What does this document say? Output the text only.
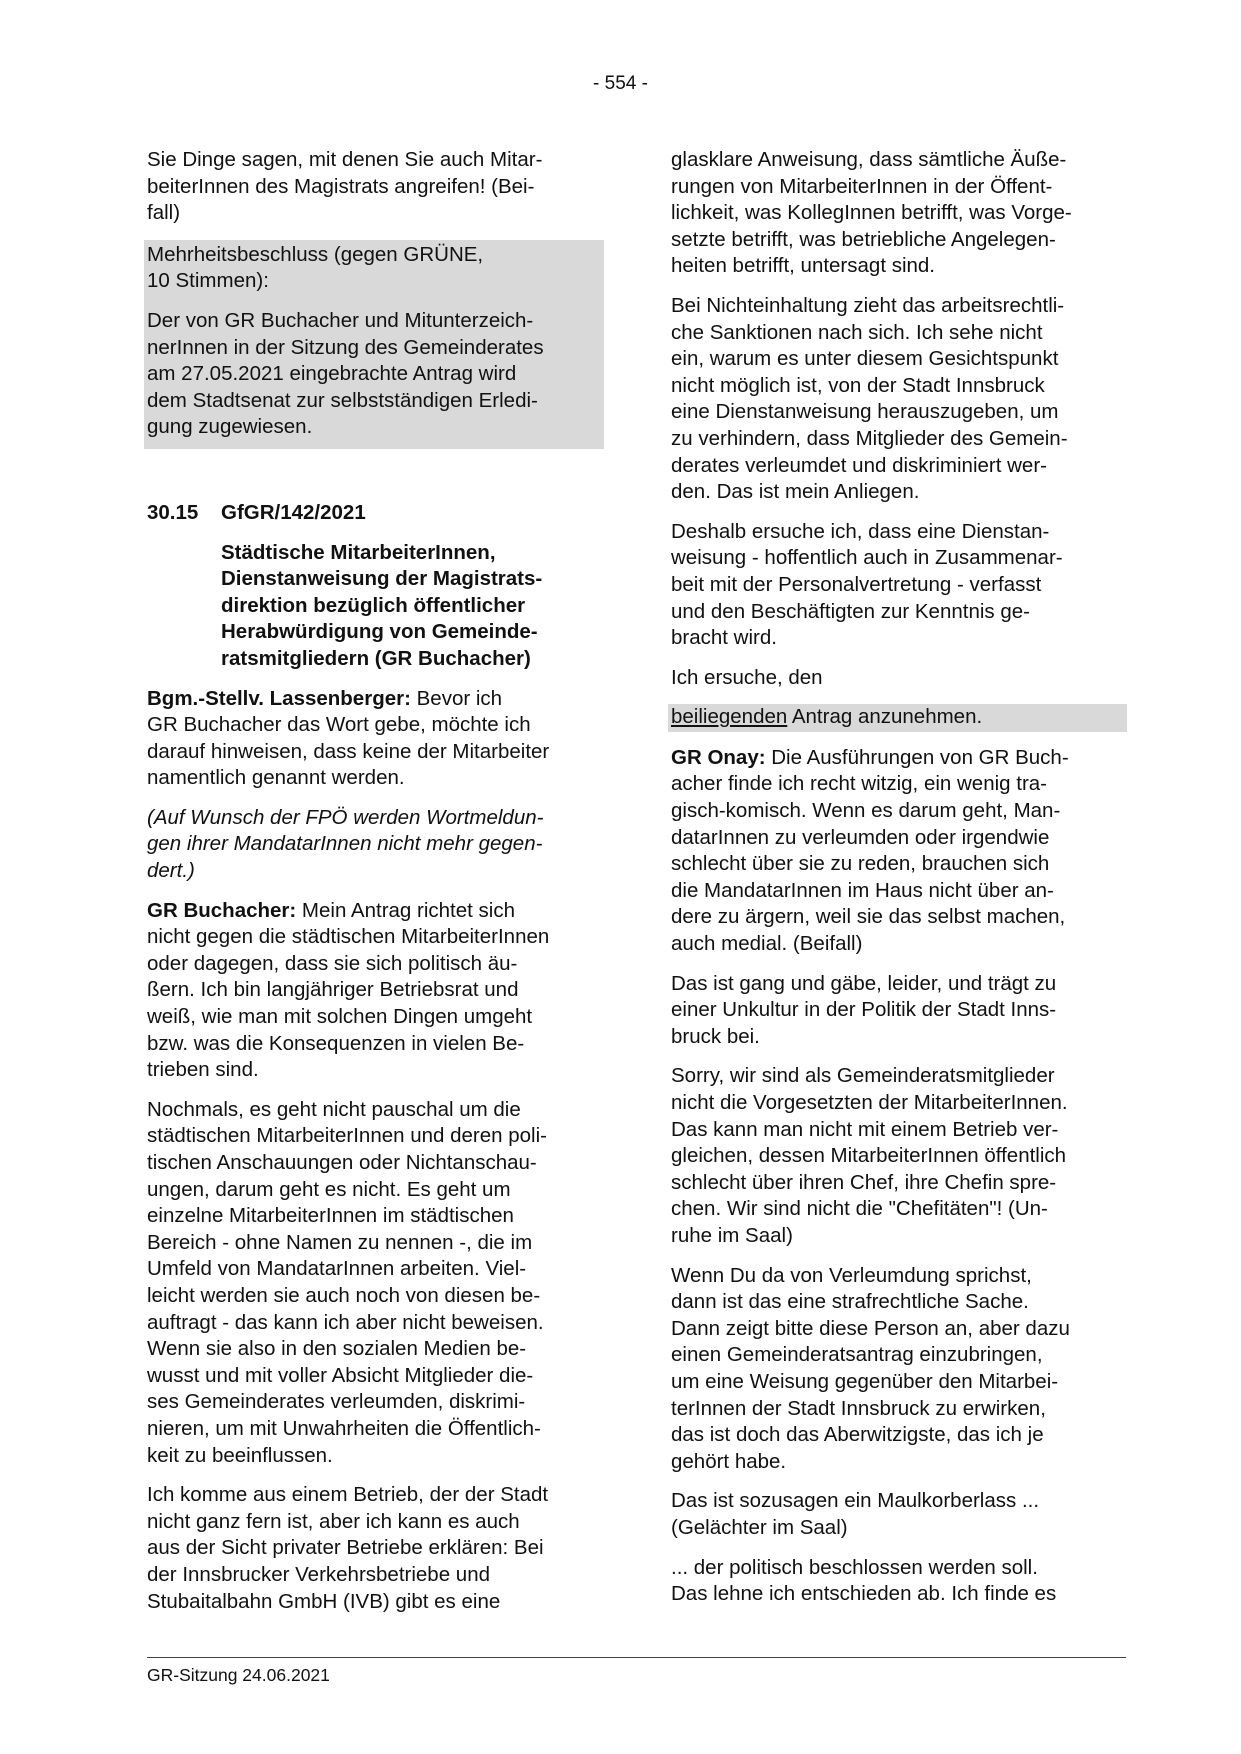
- 554 -

Sie Dinge sagen, mit denen Sie auch Mitar-
beiterInnen des Magistrats angreifen! (Bei-
fall)

Mehrheitsbeschluss (gegen GRÜNE,
10 Stimmen):

Der von GR Buchacher und Mitunterzeich-
nerInnen in der Sitzung des Gemeinderates
am 27.05.2021 eingebrachte Antrag wird
dem Stadtsenat zur selbstständigen Erledi-
gung zugewiesen.

30.15	GfGR/142/2021
Städtische MitarbeiterInnen,
Dienstanweisung der Magistrats-
direktion bezüglich öffentlicher
Herabwürdigung von Gemeinde-
ratsmitgliedern (GR Buchacher)

Bgm.-Stellv. Lassenberger: Bevor ich
GR Buchacher das Wort gebe, möchte ich
darauf hinweisen, dass keine der Mitarbeiter
namentlich genannt werden.

(Auf Wunsch der FPÖ werden Wortmeldun-
gen ihrer MandatarInnen nicht mehr gegen-
dert.)

GR Buchacher: Mein Antrag richtet sich
nicht gegen die städtischen MitarbeiterInnen
oder dagegen, dass sie sich politisch äu-
ßern. Ich bin langjähriger Betriebsrat und
weiß, wie man mit solchen Dingen umgeht
bzw. was die Konsequenzen in vielen Be-
trieben sind.

Nochmals, es geht nicht pauschal um die
städtischen MitarbeiterInnen und deren poli-
tischen Anschauungen oder Nichtanschau-
ungen, darum geht es nicht. Es geht um
einzelne MitarbeiterInnen im städtischen
Bereich - ohne Namen zu nennen -, die im
Umfeld von MandatarInnen arbeiten. Viel-
leicht werden sie auch noch von diesen be-
auftragt - das kann ich aber nicht beweisen.
Wenn sie also in den sozialen Medien be-
wusst und mit voller Absicht Mitglieder die-
ses Gemeinderates verleumden, diskrimi-
nieren, um mit Unwahrheiten die Öffentlich-
keit zu beeinflussen.

Ich komme aus einem Betrieb, der der Stadt
nicht ganz fern ist, aber ich kann es auch
aus der Sicht privater Betriebe erklären: Bei
der Innsbrucker Verkehrsbetriebe und
Stubaitalbahn GmbH (IVB) gibt es eine

glasklare Anweisung, dass sämtliche Äuße-
rungen von MitarbeiterInnen in der Öffent-
lichkeit, was KollegInnen betrifft, was Vorge-
setzte betrifft, was betriebliche Angelegen-
heiten betrifft, untersagt sind.

Bei Nichteinhaltung zieht das arbeitsrechtli-
che Sanktionen nach sich. Ich sehe nicht
ein, warum es unter diesem Gesichtspunkt
nicht möglich ist, von der Stadt Innsbruck
eine Dienstanweisung herauszugeben, um
zu verhindern, dass Mitglieder des Gemein-
derates verleumdet und diskriminiert wer-
den. Das ist mein Anliegen.

Deshalb ersuche ich, dass eine Dienstan-
weisung - hoffentlich auch in Zusammenar-
beit mit der Personalvertretung - verfasst
und den Beschäftigten zur Kenntnis ge-
bracht wird.

Ich ersuche, den

beiliegenden Antrag anzunehmen.

GR Onay: Die Ausführungen von GR Buch-
acher finde ich recht witzig, ein wenig tra-
gisch-komisch. Wenn es darum geht, Man-
datarInnen zu verleumden oder irgendwie
schlecht über sie zu reden, brauchen sich
die MandatarInnen im Haus nicht über an-
dere zu ärgern, weil sie das selbst machen,
auch medial. (Beifall)

Das ist gang und gäbe, leider, und trägt zu
einer Unkultur in der Politik der Stadt Inns-
bruck bei.

Sorry, wir sind als Gemeinderatsmitglieder
nicht die Vorgesetzten der MitarbeiterInnen.
Das kann man nicht mit einem Betrieb ver-
gleichen, dessen MitarbeiterInnen öffentlich
schlecht über ihren Chef, ihre Chefin spre-
chen. Wir sind nicht die "Chefitäten"! (Un-
ruhe im Saal)

Wenn Du da von Verleumdung sprichst,
dann ist das eine strafrechtliche Sache.
Dann zeigt bitte diese Person an, aber dazu
einen Gemeinderatsantrag einzubringen,
um eine Weisung gegenüber den Mitarbei-
terInnen der Stadt Innsbruck zu erwirken,
das ist doch das Aberwitzigste, das ich je
gehört habe.

Das ist sozusagen ein Maulkorberlass ...
(Gelächter im Saal)

... der politisch beschlossen werden soll.
Das lehne ich entschieden ab. Ich finde es

GR-Sitzung 24.06.2021
